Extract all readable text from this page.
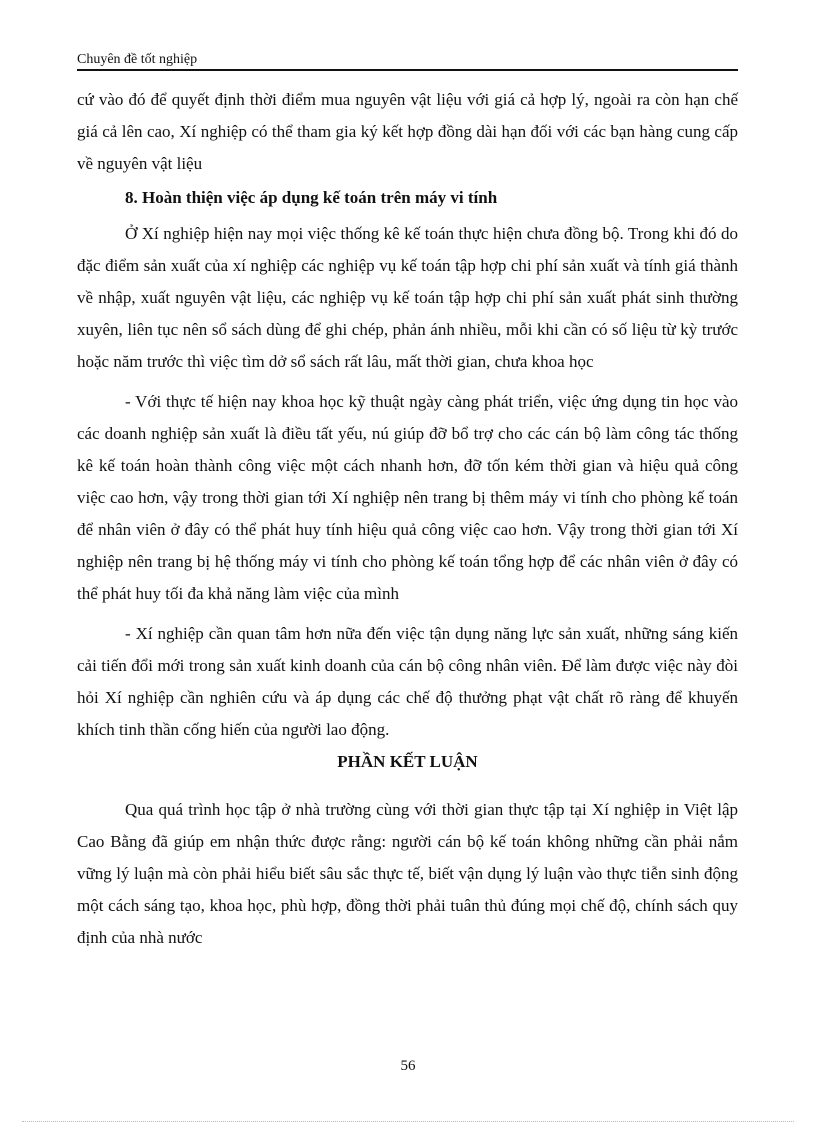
Chuyên đề tốt nghiệp

cứ vào đó để quyết định thời điểm mua nguyên vật liệu với giá cả hợp lý, ngoài ra còn hạn chế giá cả lên cao, Xí nghiệp có thể tham gia ký kết hợp đồng dài hạn đối với các bạn hàng cung cấp về nguyên vật liệu

8. Hoàn thiện việc áp dụng kế toán trên máy vi tính

Ở Xí nghiệp hiện nay mọi việc thống kê kế toán thực hiện chưa đồng bộ. Trong khi đó do đặc điểm sản xuất của xí nghiệp các nghiệp vụ kế toán tập hợp chi phí sản xuất và tính giá thành về nhập, xuất nguyên vật liệu, các nghiệp vụ kế toán tập hợp chi phí sản xuất phát sinh thường xuyên, liên tục nên sổ sách dùng để ghi chép, phản ánh nhiều, mỗi khi cần có số liệu từ kỳ trước hoặc năm trước thì việc tìm dở sổ sách rất lâu, mất thời gian, chưa khoa học

- Với thực tế hiện nay khoa học kỹ thuật ngày càng phát triển, việc ứng dụng tin học vào các doanh nghiệp sản xuất là điều tất yếu, nú giúp đỡ bổ trợ cho các cán bộ làm công tác thống kê kế toán hoàn thành công việc một cách nhanh hơn, đỡ tốn kém thời gian và hiệu quả công việc cao hơn, vậy trong thời gian tới Xí nghiệp nên trang bị thêm máy vi tính cho phòng kế toán để nhân viên ở đây có thể phát huy tính hiệu quả công việc cao hơn. Vậy trong thời gian tới Xí nghiệp nên trang bị hệ thống máy vi tính cho phòng kế toán tổng hợp để các nhân viên ở đây có thể phát huy tối đa khả năng làm việc của mình

- Xí nghiệp cần quan tâm hơn nữa đến việc tận dụng năng lực sản xuất, những sáng kiến cải tiến đổi mới trong sản xuất kinh doanh của cán bộ công nhân viên. Để làm được việc này đòi hỏi Xí nghiệp cần nghiên cứu và áp dụng các chế độ thưởng phạt vật chất rõ ràng để khuyến khích tinh thần cống hiến của người lao động.

PHẦN KẾT LUẬN

Qua quá trình học tập ở nhà trường cùng với thời gian thực tập tại Xí nghiệp in Việt lập Cao Bằng đã giúp em nhận thức được rằng: người cán bộ kế toán không những cần phải nắm vững lý luận mà còn phải hiểu biết sâu sắc thực tế, biết vận dụng lý luận vào thực tiễn sinh động một cách sáng tạo, khoa học, phù hợp, đồng thời phải tuân thủ đúng mọi chế độ, chính sách quy định của nhà nước

56
